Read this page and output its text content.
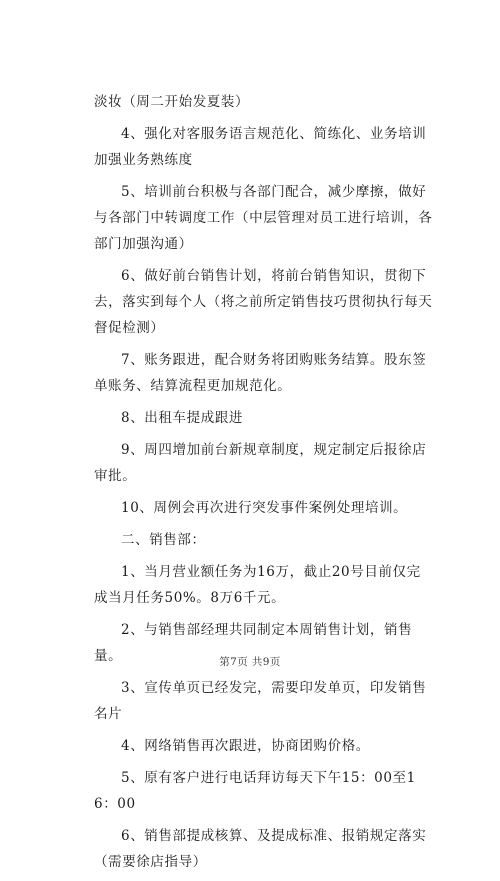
淡妆（周二开始发夏装）

4、强化对客服务语言规范化、简练化、业务培训加强业务熟练度

5、培训前台积极与各部门配合，减少摩擦，做好与各部门中转调度工作（中层管理对员工进行培训，各部门加强沟通）

6、做好前台销售计划，将前台销售知识，贯彻下去，落实到每个人（将之前所定销售技巧贯彻执行每天督促检测）

7、账务跟进，配合财务将团购账务结算。股东签单账务、结算流程更加规范化。

8、出租车提成跟进

9、周四增加前台新规章制度，规定制定后报徐店审批。

10、周例会再次进行突发事件案例处理培训。

二、销售部：

1、当月营业额任务为16万，截止20号目前仅完成当月任务50%。8万6千元。

2、与销售部经理共同制定本周销售计划，销售量。

3、宣传单页已经发完，需要印发单页，印发销售名片

4、网络销售再次跟进，协商团购价格。

5、原有客户进行电话拜访每天下午15：00至16：00

6、销售部提成核算、及提成标准、报销规定落实（需要徐店指导）

第7页 共9页
